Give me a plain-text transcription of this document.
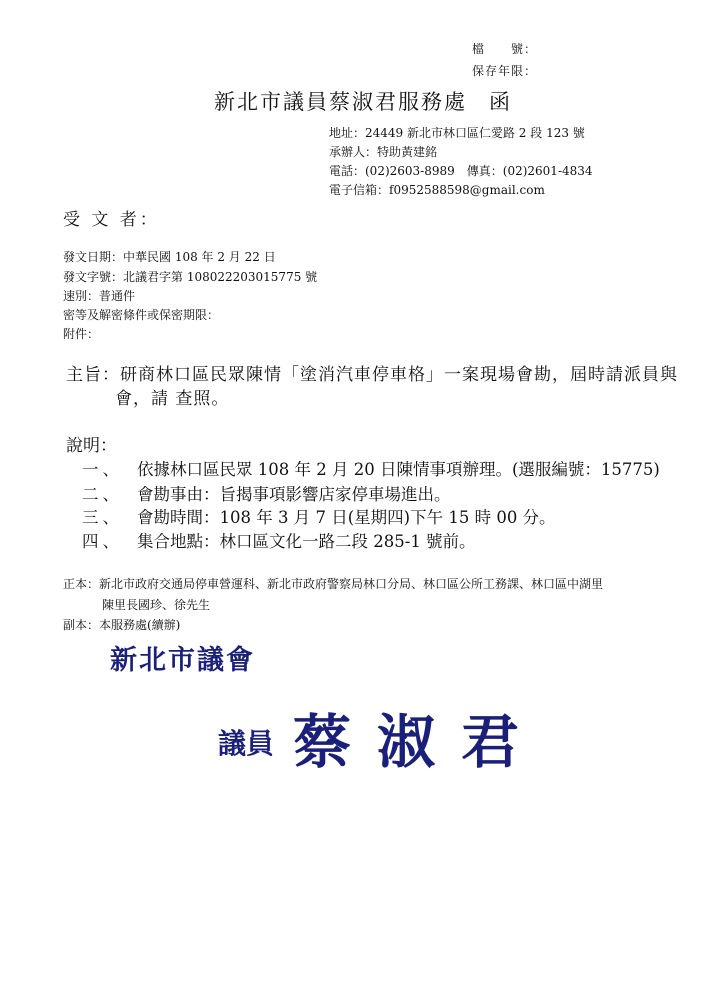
檔　　號：
保存年限：
新北市議員蔡淑君服務處 函
地址：24449 新北市林口區仁愛路 2 段 123 號
承辦人：特助黃建銘
電話：(02)2603-8989　傳真：(02)2601-4834
電子信箱：f0952588598@gmail.com
受 文 者：
發文日期：中華民國 108 年 2 月 22 日
發文字號：北議君字第 108022203015775 號
速別：普通件
密等及解密條件或保密期限：
附件：
主旨：研商林口區民眾陳情「塗消汽車停車格」一案現場會勘，屆時請派員與
會，請 查照。
說明：
一、 依據林口區民眾 108 年 2 月 20 日陳情事項辦理。(選服編號：15775)
二、 會勘事由：旨揭事項影響店家停車場進出。
三、 會勘時間：108 年 3 月 7 日(星期四)下午 15 時 00 分。
四、 集合地點：林口區文化一路二段 285-1 號前。
正本：新北市政府交通局停車營運科、新北市政府警察局林口分局、林口區公所工務課、林口區中湖里
陳里長國珍、徐先生
副本：本服務處(續辦)
新北市議會
議員 蔡淑君
